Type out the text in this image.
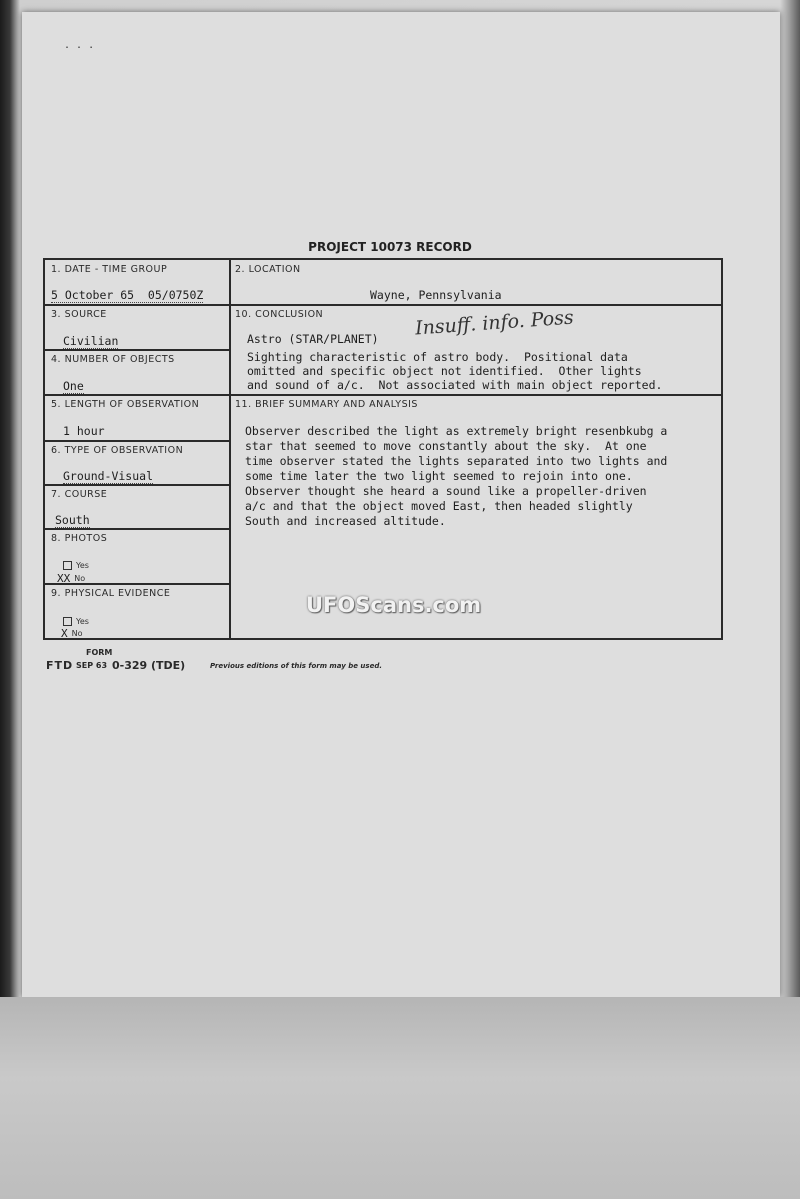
. . .
PROJECT 10073 RECORD
1. DATE - TIME GROUP
5 October 65  05/0750Z
2. LOCATION
Wayne, Pennsylvania
3. SOURCE
Civilian
10. CONCLUSION	Insuff. info. Poss
Astro (STAR/PLANET)
Sighting characteristic of astro body.  Positional data
omitted and specific object not identified.  Other lights
and sound of a/c.  Not associated with main object reported.
4. NUMBER OF OBJECTS
One
5. LENGTH OF OBSERVATION
1 hour
11. BRIEF SUMMARY AND ANALYSIS
Observer described the light as extremely bright resenbkubg a
star that seemed to move constantly about the sky.  At one
time observer stated the lights separated into two lights and
some time later the two light seemed to rejoin into one.
Observer thought she heard a sound like a propeller-driven
a/c and that the object moved East, then headed slightly
South and increased altitude.
6. TYPE OF OBSERVATION
Ground-Visual
7. COURSE
South
8. PHOTOS
Yes
XX No
9. PHYSICAL EVIDENCE
Yes
X No
UFOScans.com
FORM
FTD SEP 63 0-329 (TDE)	Previous editions of this form may be used.
